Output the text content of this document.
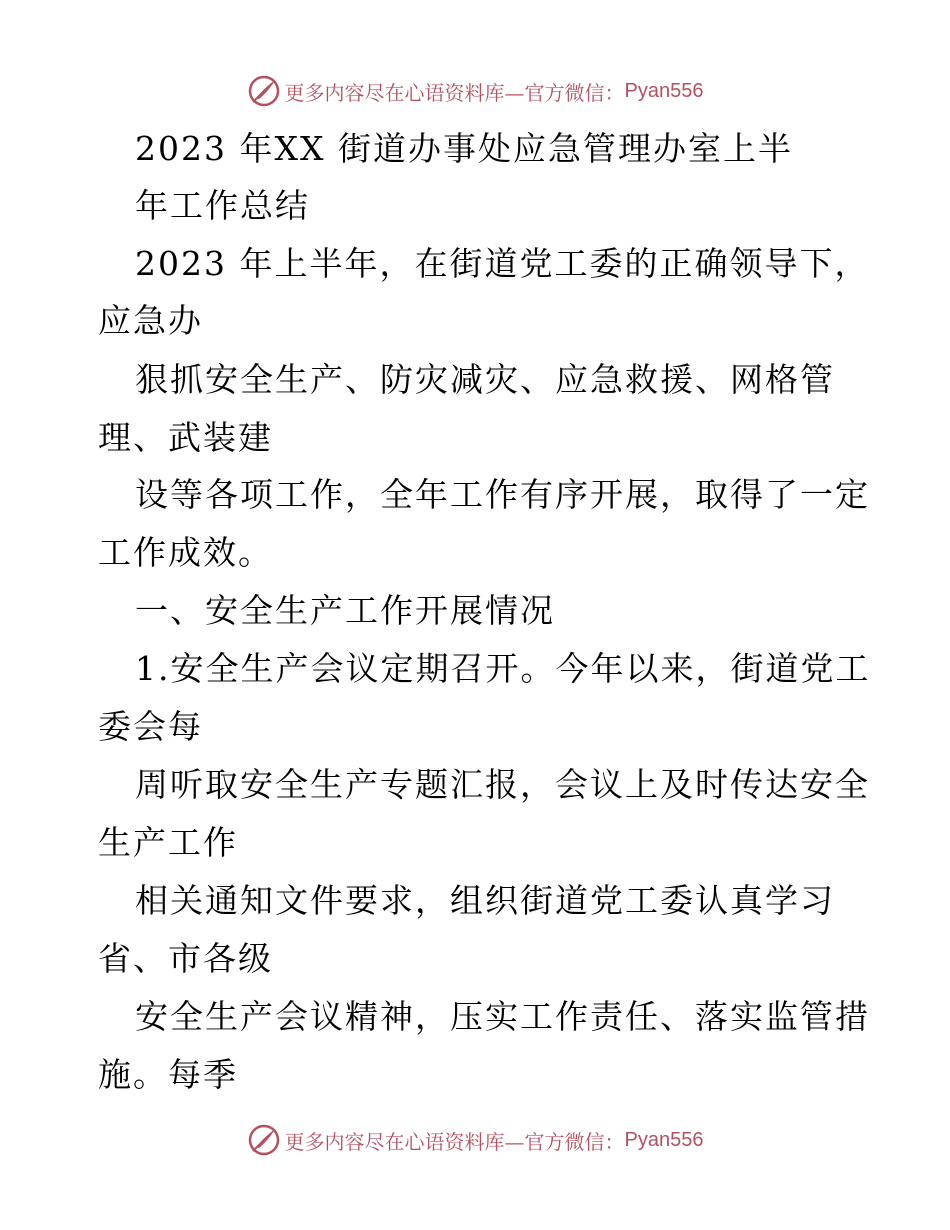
更多内容尽在心语资料库—官方微信： Pyan556
2023 年XX 街道办事处应急管理办室上半
年工作总结
2023 年上半年，在街道党工委的正确领导下，
应急办
狠抓安全生产、防灾减灾、应急救援、网格管
理、武装建
设等各项工作，全年工作有序开展，取得了一定
工作成效。
一、安全生产工作开展情况
1.安全生产会议定期召开。今年以来，街道党工
委会每
周听取安全生产专题汇报，会议上及时传达安全
生产工作
相关通知文件要求，组织街道党工委认真学习
省、市各级
安全生产会议精神，压实工作责任、落实监管措
施。每季
更多内容尽在心语资料库—官方微信： Pyan556
